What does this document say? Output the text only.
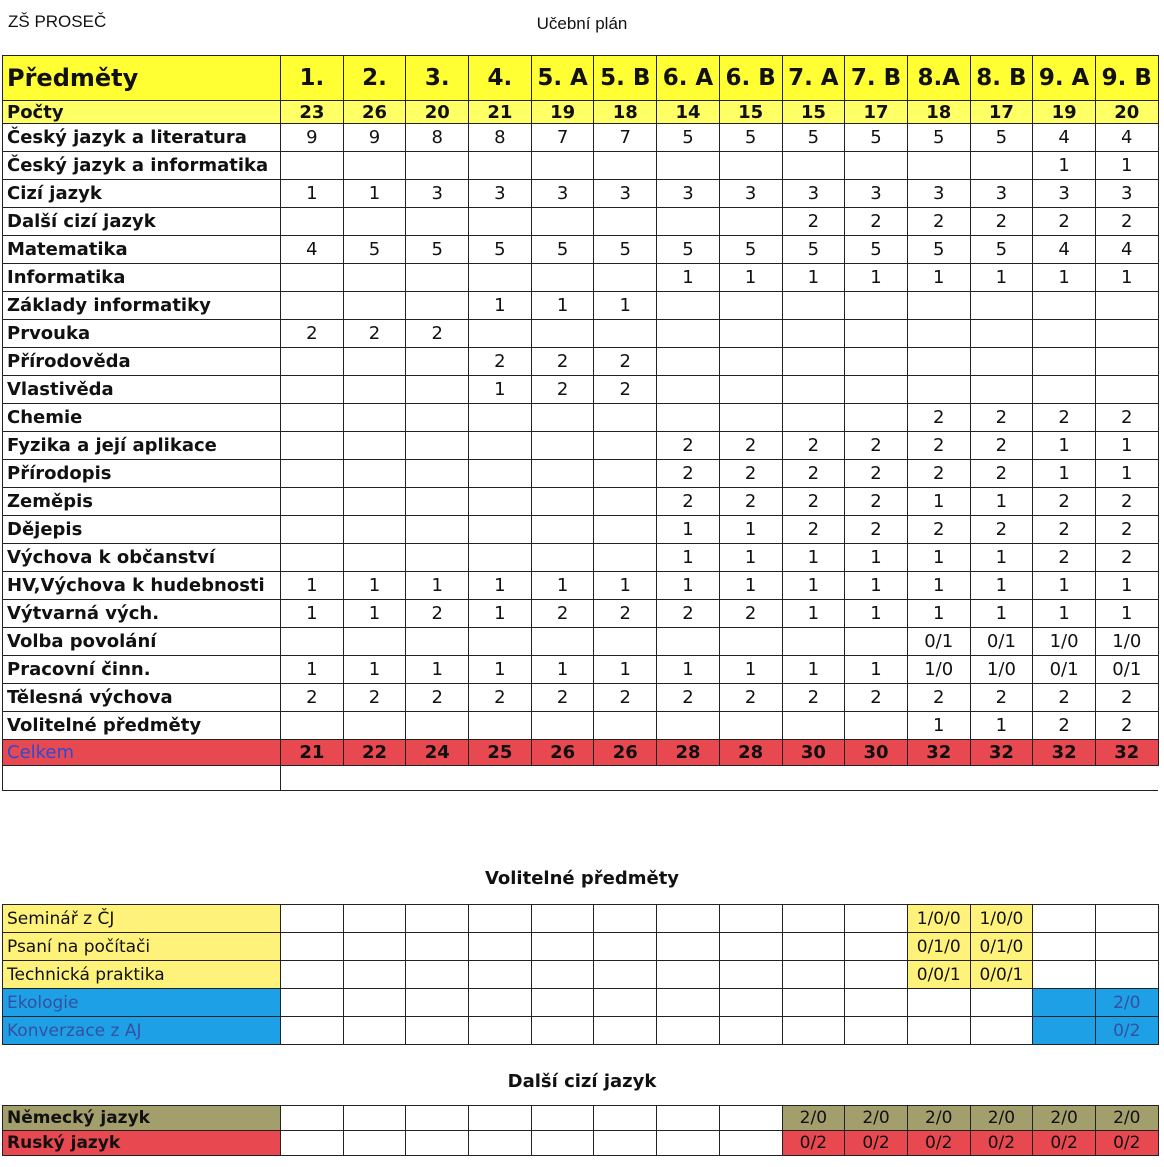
ZŠ PROSEČ	Učební plán
Předměty	1.	2.	3.	4.	5. A	5. B	6. A	6. B	7. A	7. B	8.A	8. B	9. A	9. B
Počty	23	26	20	21	19	18	14	15	15	17	18	17	19	20
Český jazyk a literatura	9	9	8	8	7	7	5	5	5	5	5	5	4	4
Český jazyk a informatika													1	1
Cizí jazyk	1	1	3	3	3	3	3	3	3	3	3	3	3	3
Další cizí jazyk									2	2	2	2	2	2
Matematika	4	5	5	5	5	5	5	5	5	5	5	5	4	4
Informatika							1	1	1	1	1	1	1	1
Základy informatiky				1	1	1								
Prvouka	2	2	2											
Přírodověda				2	2	2								
Vlastivěda				1	2	2								
Chemie											2	2	2	2
Fyzika a její aplikace							2	2	2	2	2	2	1	1
Přírodopis							2	2	2	2	2	2	1	1
Zeměpis							2	2	2	2	1	1	2	2
Dějepis							1	1	2	2	2	2	2	2
Výchova k občanství							1	1	1	1	1	1	2	2
HV,Výchova k hudebnosti	1	1	1	1	1	1	1	1	1	1	1	1	1	1
Výtvarná vých.	1	1	2	1	2	2	2	2	1	1	1	1	1	1
Volba povolání											0/1	0/1	1/0	1/0
Pracovní činn.	1	1	1	1	1	1	1	1	1	1	1/0	1/0	0/1	0/1
Tělesná výchova	2	2	2	2	2	2	2	2	2	2	2	2	2	2
Volitelné předměty											1	1	2	2
Celkem	21	22	24	25	26	26	28	28	30	30	32	32	32	32

Volitelné předměty
Seminář z ČJ											1/0/0	1/0/0		
Psaní na počítači											0/1/0	0/1/0		
Technická praktika											0/0/1	0/0/1		
Ekologie														2/0
Konverzace z AJ														0/2
Další cizí jazyk
Německý jazyk									2/0	2/0	2/0	2/0	2/0	2/0
Ruský jazyk									0/2	0/2	0/2	0/2	0/2	0/2
